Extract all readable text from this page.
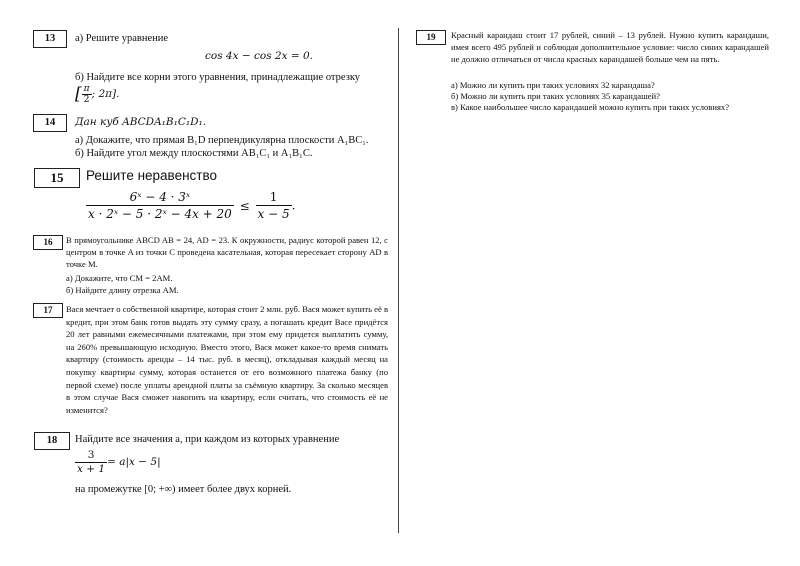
13	а) Решите уравнение
cos 4x − cos 2x = 0.
б) Найдите все корни этого уравнения, принадлежащие отрезку
[ $\frac{\pi}{2}$ ; 2π].
14	Дан куб ABCDA₁B₁C₁D₁.
а) Докажите, что прямая B₁D перпендикулярна плоскости A₁BC₁.
б) Найдите угол между плоскостями AB₁C₁ и A₁B₁C.
15	Решите неравенство
$\frac{\text{6ˣ − 4 · 3ˣ}}{\text{x · 2ˣ − 5 · 2ˣ − 4x + 20}} \le \frac{1}{x - 5}$ .
16	В прямоугольнике ABCD AB = 24, AD = 23. К окружности, радиус которой равен 12, с центром в точке A из точки C проведена касательная, которая пересекает сторону AD в точке M.
а) Докажите, что CM = 2AM.
б) Найдите длину отрезка AM.
17	Вася мечтает о собственной квартире, которая стоит 2 млн. руб. Вася может купить её в кредит, при этом банк готов выдать эту сумму сразу, а погашать кредит Васе придётся 20 лет равными ежемесячными платежами, при этом ему придется выплатить сумму, на 260% превышающую исходную. Вместо этого, Вася может какое-то время снимать квартиру (стоимость аренды – 14 тыс. руб. в месяц), откладывая каждый месяц на покупку квартиры сумму, которая останется от его возможного платежа банку (по первой схеме) после уплаты арендной платы за съёмную квартиру. За сколько месяцев в этом случае Вася сможет накопить на квартиру, если считать, что стоимость её не изменится?
18	Найдите все значения a, при каждом из которых уравнение
$\frac{3}{x + 1} = a|x - 5|$
на промежутке [0; +∞) имеет более двух корней.
19	Красный карандаш стоит 17 рублей, синий – 13 рублей. Нужно купить карандаши, имея всего 495 рублей и соблюдая дополнительное условие: число синих карандашей не должно отличаться от числа красных карандашей больше чем на пять.
а) Можно ли купить при таких условиях 32 карандаша?
б) Можно ли купить при таких условиях 35 карандашей?
в) Какое наибольшее число карандашей можно купить при таких условиях?
